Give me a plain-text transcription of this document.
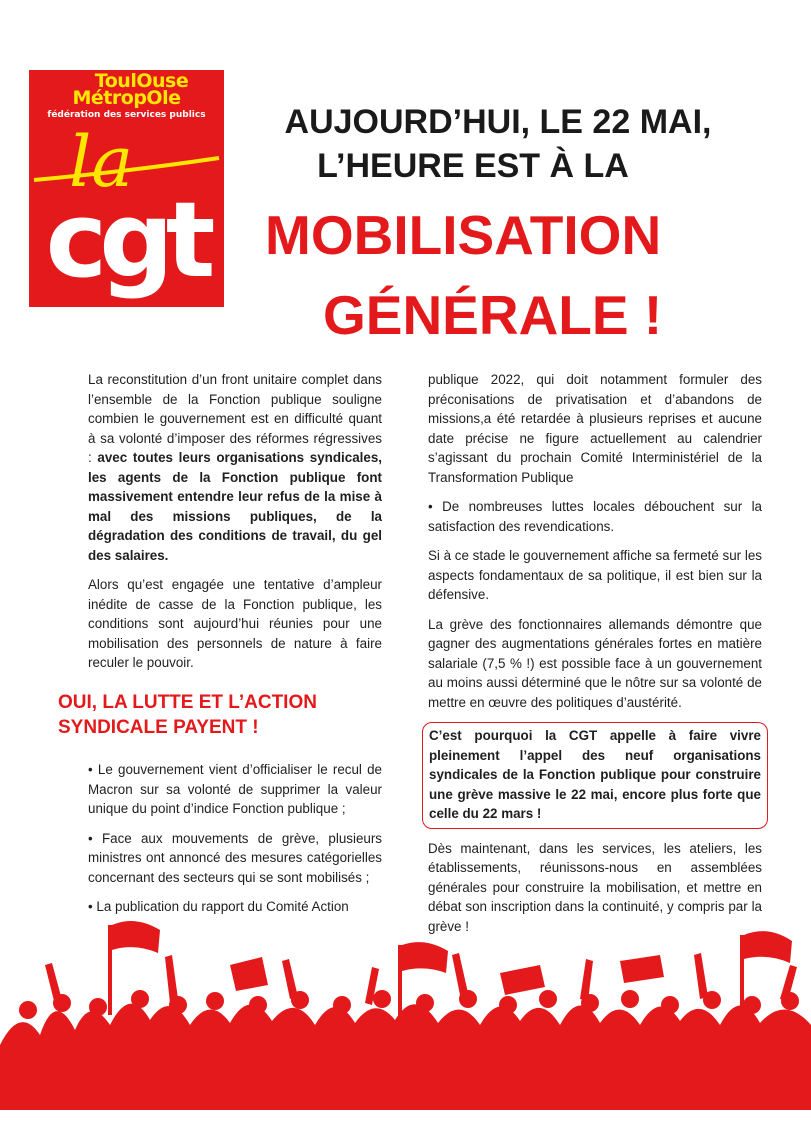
ToulOuse
MétropOle
fédération des services publics
la
cgt
AUJOURD’HUI, LE 22 MAI,
L’HEURE EST À LA
MOBILISATION
GÉNÉRALE !

La reconstitution d’un front unitaire complet dans l’ensemble de la Fonction publique souligne combien le gouvernement est en difficulté quant à sa volonté d’imposer des réformes régressives : avec toutes leurs organisations syndicales, les agents de la Fonction publique font massivement entendre leur refus de la mise à mal des missions publiques, de la dégradation des conditions de travail, du gel des salaires.

Alors qu’est engagée une tentative d’ampleur inédite de casse de la Fonction publique, les conditions sont aujourd’hui réunies pour une mobilisation des personnels de nature à faire reculer le pouvoir.

OUI, LA LUTTE ET L’ACTION SYNDICALE PAYENT !

• Le gouvernement vient d’officialiser le recul de Macron sur sa volonté de supprimer la valeur unique du point d’indice Fonction publique ;

• Face aux mouvements de grève, plusieurs ministres ont annoncé des mesures catégorielles concernant des secteurs qui se sont mobilisés ;

• La publication du rapport du Comité Action

publique 2022, qui doit notamment formuler des préconisations de privatisation et d’abandons de missions,a été retardée à plusieurs reprises et aucune date précise ne figure actuellement au calendrier s’agissant du prochain Comité Interministériel de la Transformation Publique

• De nombreuses luttes locales débouchent sur la satisfaction des revendications.

Si à ce stade le gouvernement affiche sa fermeté sur les aspects fondamentaux de sa politique, il est bien sur la défensive.

La grève des fonctionnaires allemands démontre que gagner des augmentations générales fortes en matière salariale (7,5 % !) est possible face à un gouvernement au moins aussi déterminé que le nôtre sur sa volonté de mettre en œuvre des politiques d’austérité.

C’est pourquoi la CGT appelle à faire vivre pleinement l’appel des neuf organisations syndicales de la Fonction publique pour construire une grève massive le 22 mai, encore plus forte que celle du 22 mars !

Dès maintenant, dans les services, les ateliers, les établissements, réunissons-nous en assemblées générales pour construire la mobilisation, et mettre en débat son inscription dans la continuité, y compris par la grève !
